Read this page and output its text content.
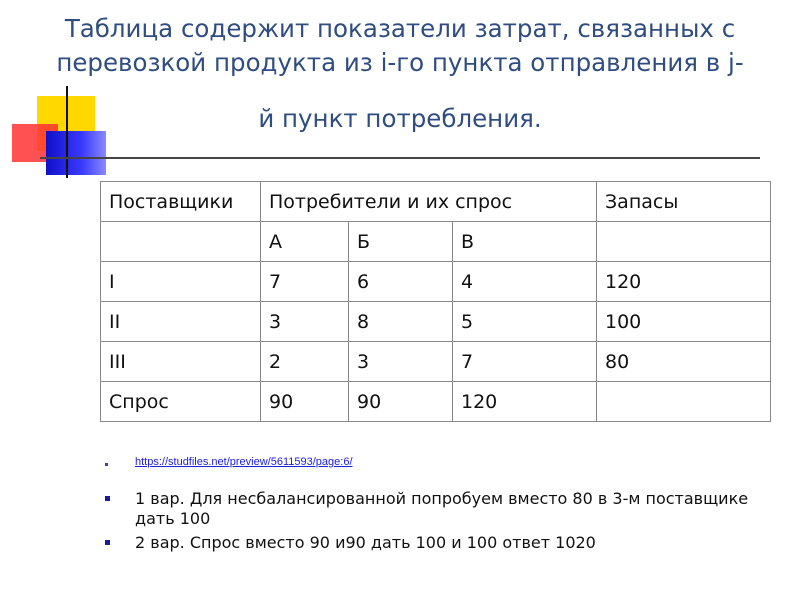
Таблица содержит показатели затрат, связанных с
перевозкой продукта из i-го пункта отправления в j-
й пункт потребления.
Поставщики	Потребители и их спрос			Запасы
	А	Б	В	
I	7	6	4	120
II	3	8	5	100
III	2	3	7	80
Спрос	90	90	120	
https://studfiles.net/preview/5611593/page:6/
1 вар. Для несбалансированной попробуем вместо 80 в 3-м поставщике дать 100
2 вар. Спрос вместо 90 и90 дать 100 и 100 ответ 1020
